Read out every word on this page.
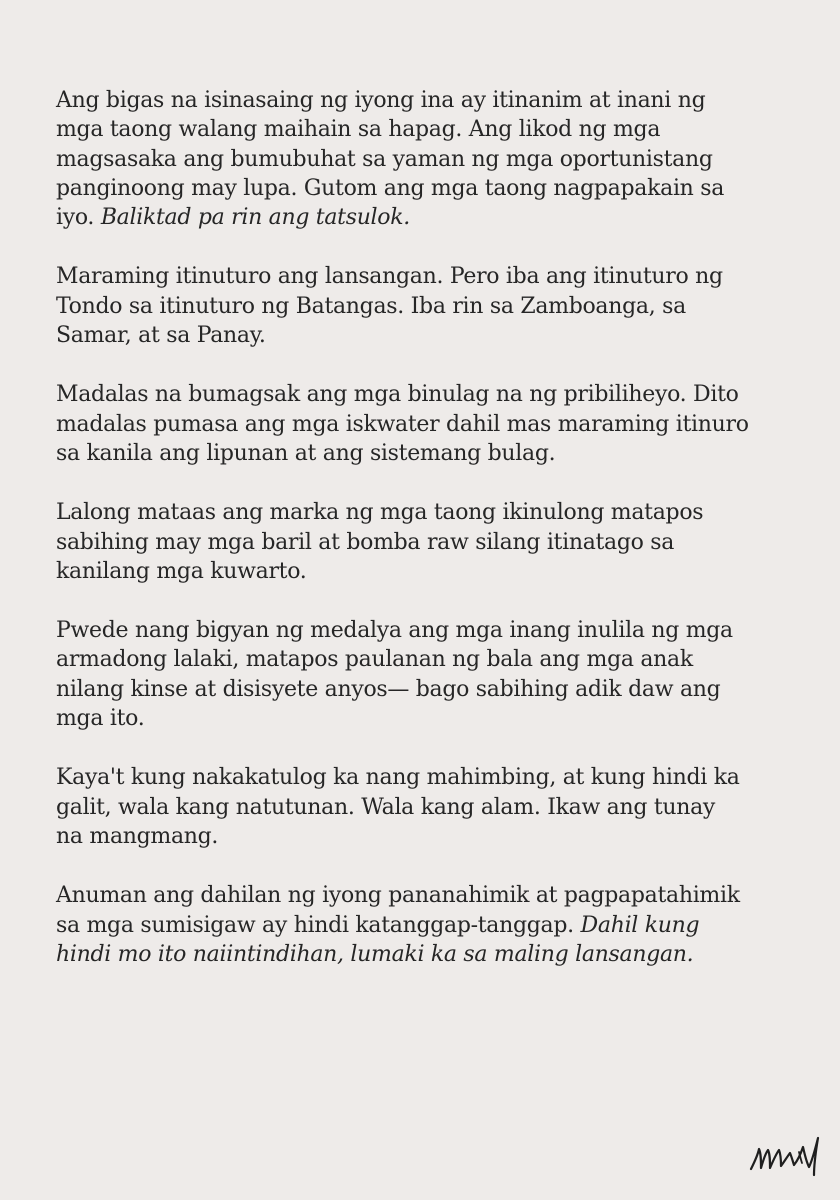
Ang bigas na isinasaing ng iyong ina ay itinanim at inani ng
mga taong walang maihain sa hapag. Ang likod ng mga
magsasaka ang bumubuhat sa yaman ng mga oportunistang
panginoong may lupa. Gutom ang mga taong nagpapakain sa
iyo. Baliktad pa rin ang tatsulok.

Maraming itinuturo ang lansangan. Pero iba ang itinuturo ng
Tondo sa itinuturo ng Batangas. Iba rin sa Zamboanga, sa
Samar, at sa Panay.

Madalas na bumagsak ang mga binulag na ng pribiliheyo. Dito
madalas pumasa ang mga iskwater dahil mas maraming itinuro
sa kanila ang lipunan at ang sistemang bulag.

Lalong mataas ang marka ng mga taong ikinulong matapos
sabihing may mga baril at bomba raw silang itinatago sa
kanilang mga kuwarto.

Pwede nang bigyan ng medalya ang mga inang inulila ng mga
armadong lalaki, matapos paulanan ng bala ang mga anak
nilang kinse at disisyete anyos— bago sabihing adik daw ang
mga ito.

Kaya't kung nakakatulog ka nang mahimbing, at kung hindi ka
galit, wala kang natutunan. Wala kang alam. Ikaw ang tunay
na mangmang.

Anuman ang dahilan ng iyong pananahimik at pagpapatahimik
sa mga sumisigaw ay hindi katanggap-tanggap. Dahil kung
hindi mo ito naiintindihan, lumaki ka sa maling lansangan.
